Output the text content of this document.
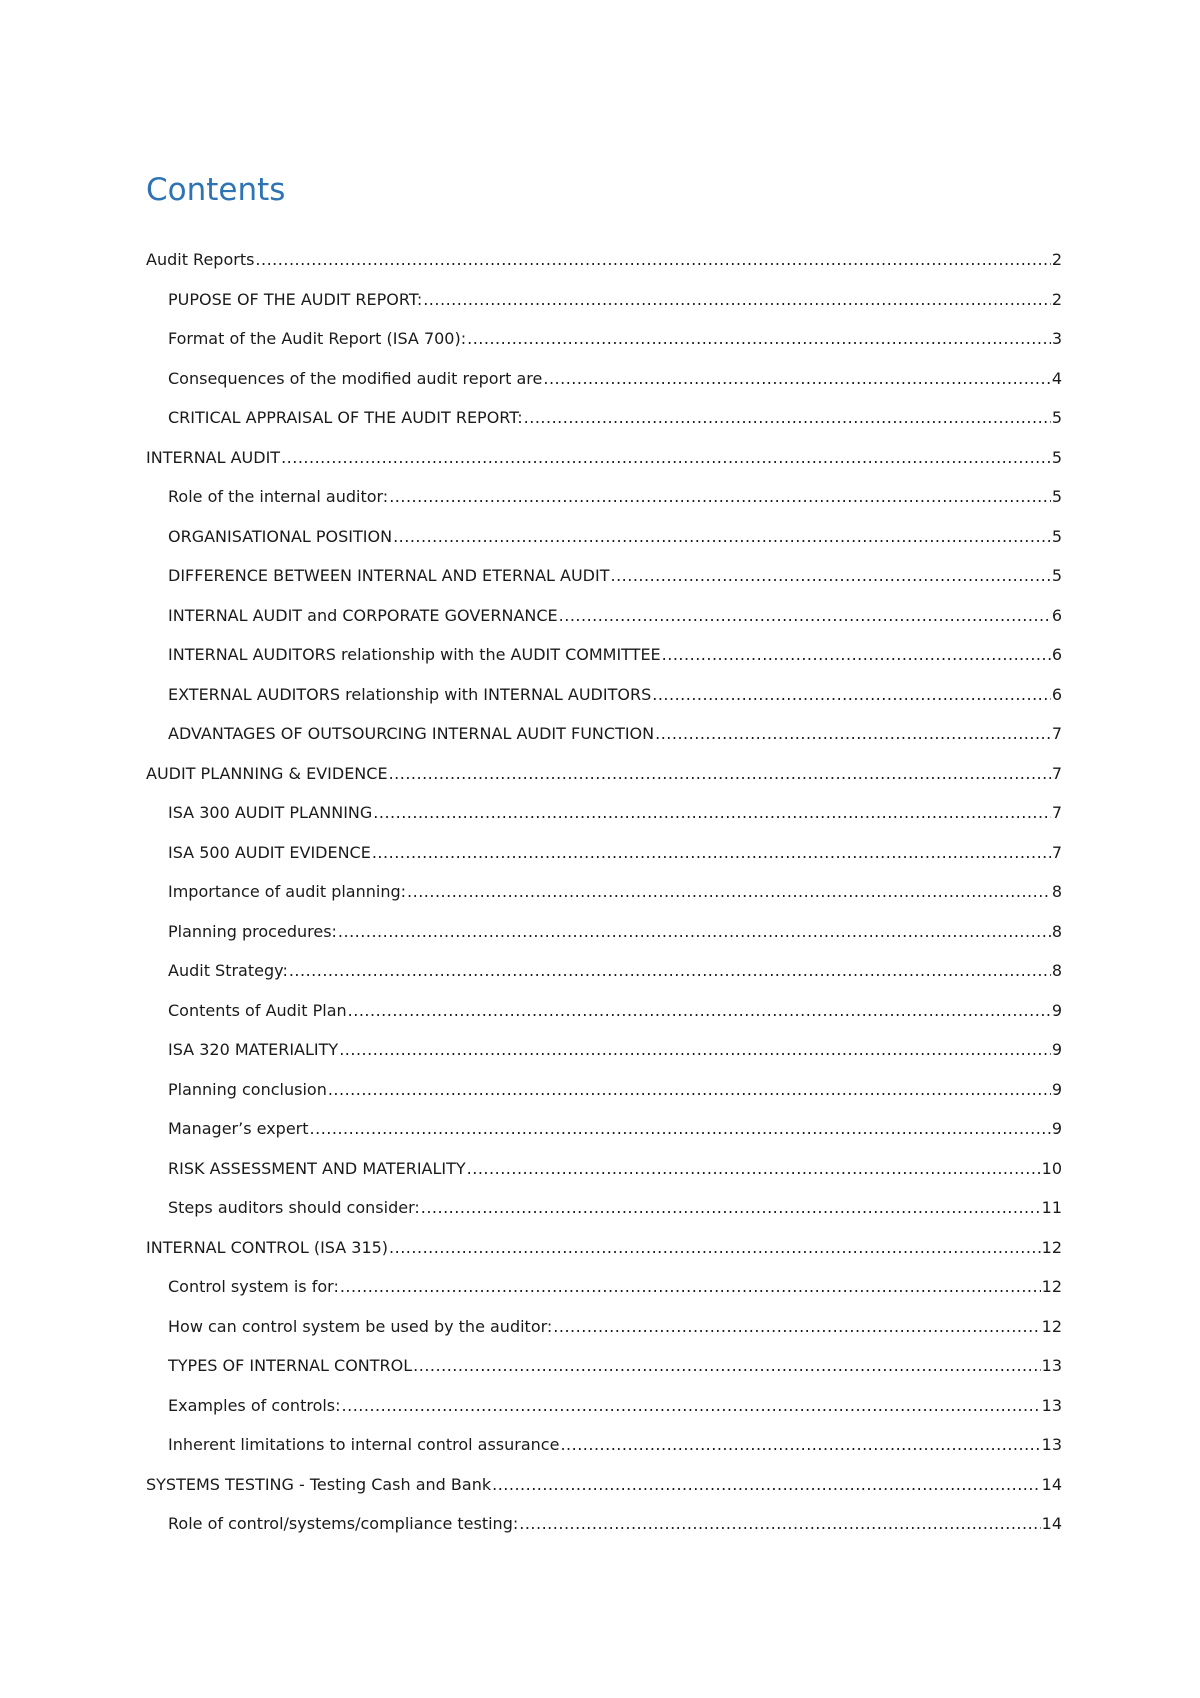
Contents
Audit Reports .....	2
PUPOSE OF THE AUDIT REPORT: .....	2
Format of the Audit Report (ISA 700): .....	3
Consequences of the modified audit report are .....	4
CRITICAL APPRAISAL OF THE AUDIT REPORT: .....	5
INTERNAL AUDIT .....	5
Role of the internal auditor: .....	5
ORGANISATIONAL POSITION .....	5
DIFFERENCE BETWEEN INTERNAL AND ETERNAL AUDIT .....	5
INTERNAL AUDIT and CORPORATE GOVERNANCE .....	6
INTERNAL AUDITORS relationship with the AUDIT COMMITTEE .....	6
EXTERNAL AUDITORS relationship with INTERNAL AUDITORS .....	6
ADVANTAGES OF OUTSOURCING INTERNAL AUDIT FUNCTION .....	7
AUDIT PLANNING & EVIDENCE .....	7
ISA 300 AUDIT PLANNING .....	7
ISA 500 AUDIT EVIDENCE .....	7
Importance of audit planning: .....	8
Planning procedures: .....	8
Audit Strategy: .....	8
Contents of Audit Plan .....	9
ISA 320 MATERIALITY .....	9
Planning conclusion .....	9
Manager’s expert .....	9
RISK ASSESSMENT AND MATERIALITY .....	10
Steps auditors should consider: .....	11
INTERNAL CONTROL (ISA 315) .....	12
Control system is for: .....	12
How can control system be used by the auditor: .....	12
TYPES OF INTERNAL CONTROL .....	13
Examples of controls: .....	13
Inherent limitations to internal control assurance .....	13
SYSTEMS TESTING - Testing Cash and Bank .....	14
Role of control/systems/compliance testing: .....	14
